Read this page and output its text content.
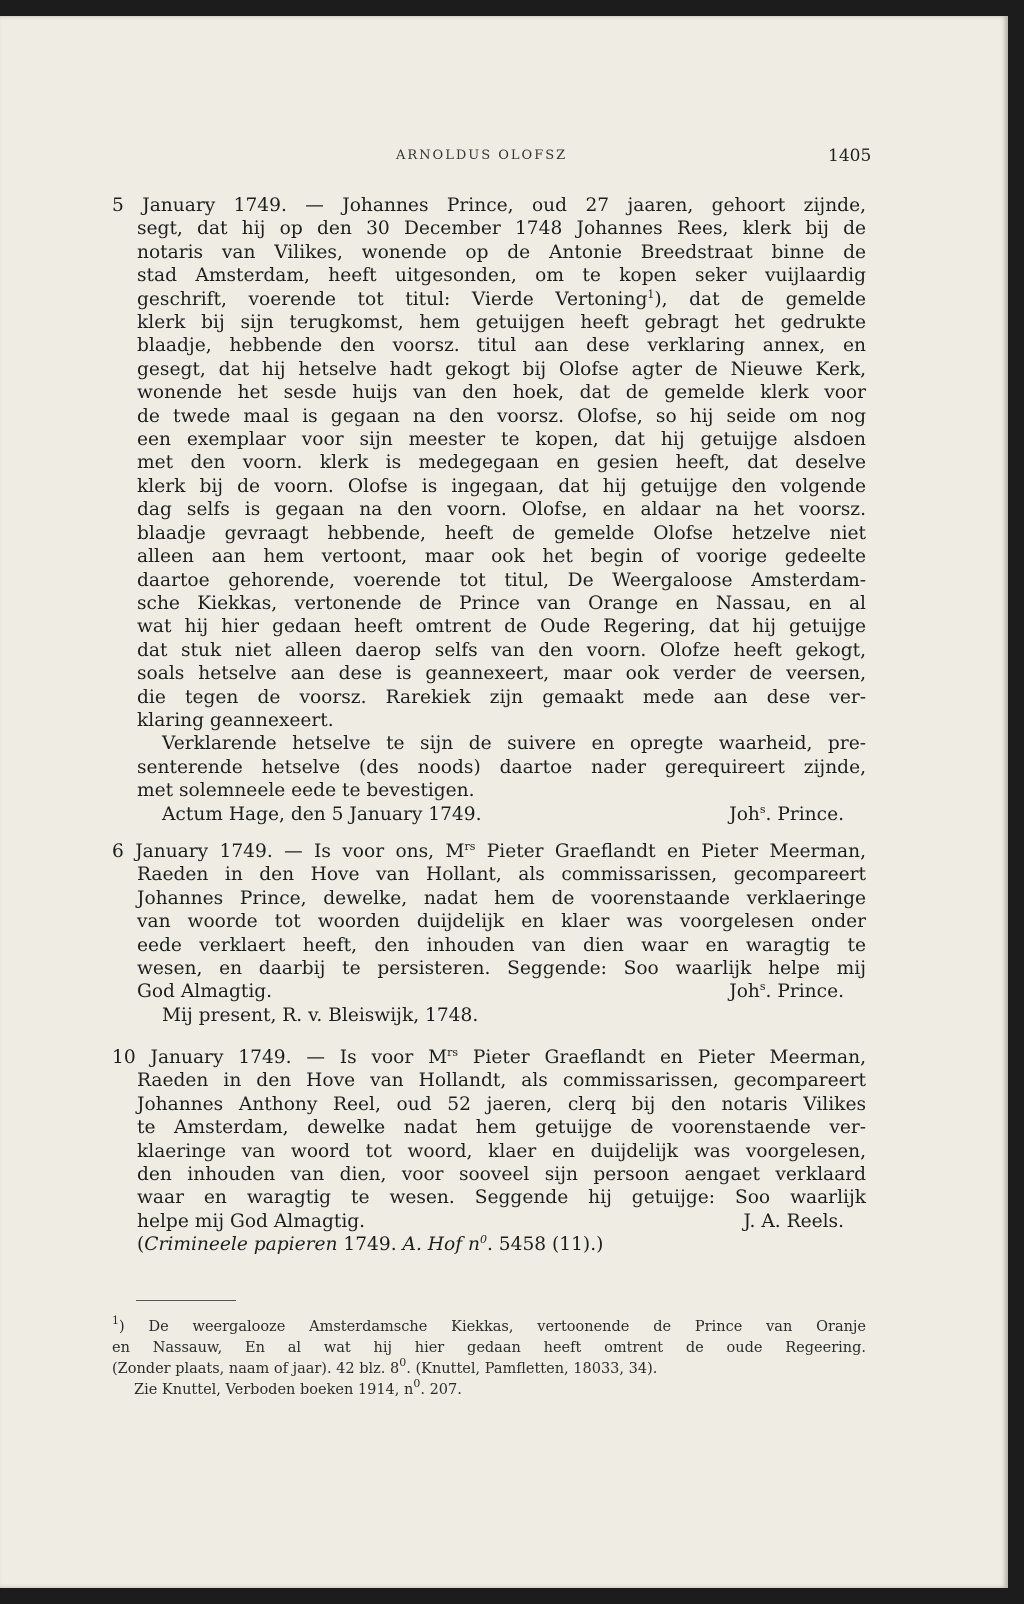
ARNOLDUS OLOFSZ	1405
5 January 1749. — Johannes Prince, oud 27 jaaren, gehoort zijnde,
segt, dat hij op den 30 December 1748 Johannes Rees, klerk bij de
notaris van Vilikes, wonende op de Antonie Breedstraat binne de
stad Amsterdam, heeft uitgesonden, om te kopen seker vuijlaardig
geschrift, voerende tot titul: Vierde Vertoning$^1$), dat de gemelde
klerk bij sijn terugkomst, hem getuijgen heeft gebragt het gedrukte
blaadje, hebbende den voorsz. titul aan dese verklaring annex, en
gesegt, dat hij hetselve hadt gekogt bij Olofse agter de Nieuwe Kerk,
wonende het sesde huijs van den hoek, dat de gemelde klerk voor
de twede maal is gegaan na den voorsz. Olofse, so hij seide om nog
een exemplaar voor sijn meester te kopen, dat hij getuijge alsdoen
met den voorn. klerk is medegegaan en gesien heeft, dat deselve
klerk bij de voorn. Olofse is ingegaan, dat hij getuijge den volgende
dag selfs is gegaan na den voorn. Olofse, en aldaar na het voorsz.
blaadje gevraagt hebbende, heeft de gemelde Olofse hetzelve niet
alleen aan hem vertoont, maar ook het begin of voorige gedeelte
daartoe gehorende, voerende tot titul, De Weergaloose Amsterdam-
sche Kiekkas, vertonende de Prince van Orange en Nassau, en al
wat hij hier gedaan heeft omtrent de Oude Regering, dat hij getuijge
dat stuk niet alleen daerop selfs van den voorn. Olofze heeft gekogt,
soals hetselve aan dese is geannexeert, maar ook verder de veersen,
die tegen de voorsz. Rarekiek zijn gemaakt mede aan dese ver-
klaring geannexeert.
Verklarende hetselve te sijn de suivere en opregte waarheid, pre-
senterende hetselve (des noods) daartoe nader gerequireert zijnde,
met solemneele eede te bevestigen.
Actum Hage, den 5 January 1749.	Joh$^s$. Prince.
6 January 1749. — Is voor ons, $M^{rs}$ Pieter Graeflandt en Pieter Meerman,
Raeden in den Hove van Hollant, als commissarissen, gecompareert
Johannes Prince, dewelke, nadat hem de voorenstaande verklaeringe
van woorde tot woorden duijdelijk en klaer was voorgelesen onder
eede verklaert heeft, den inhouden van dien waar en waragtig te
wesen, en daarbij te persisteren. Seggende: Soo waarlijk helpe mij
God Almagtig.	Joh$^s$. Prince.
Mij present, R. v. Bleiswijk, 1748.
10 January 1749. — Is voor $M^{rs}$ Pieter Graeflandt en Pieter Meerman,
Raeden in den Hove van Hollandt, als commissarissen, gecompareert
Johannes Anthony Reel, oud 52 jaeren, clerq bij den notaris Vilikes
te Amsterdam, dewelke nadat hem getuijge de voorenstaende ver-
klaeringe van woord tot woord, klaer en duijdelijk was voorgelesen,
den inhouden van dien, voor sooveel sijn persoon aengaet verklaard
waar en waragtig te wesen. Seggende hij getuijge: Soo waarlijk
helpe mij God Almagtig.	J. A. Reels.
(Crimineele papieren 1749. A. Hof $n^0$. 5458 (11).)
$^1$) De weergalooze Amsterdamsche Kiekkas, vertoonende de Prince van Oranje
en Nassauw, En al wat hij hier gedaan heeft omtrent de oude Regeering.
(Zonder plaats, naam of jaar). 42 blz. $8^0$. (Knuttel, Pamfletten, 18033, 34).
Zie Knuttel, Verboden boeken 1914, $n^0$. 207.
